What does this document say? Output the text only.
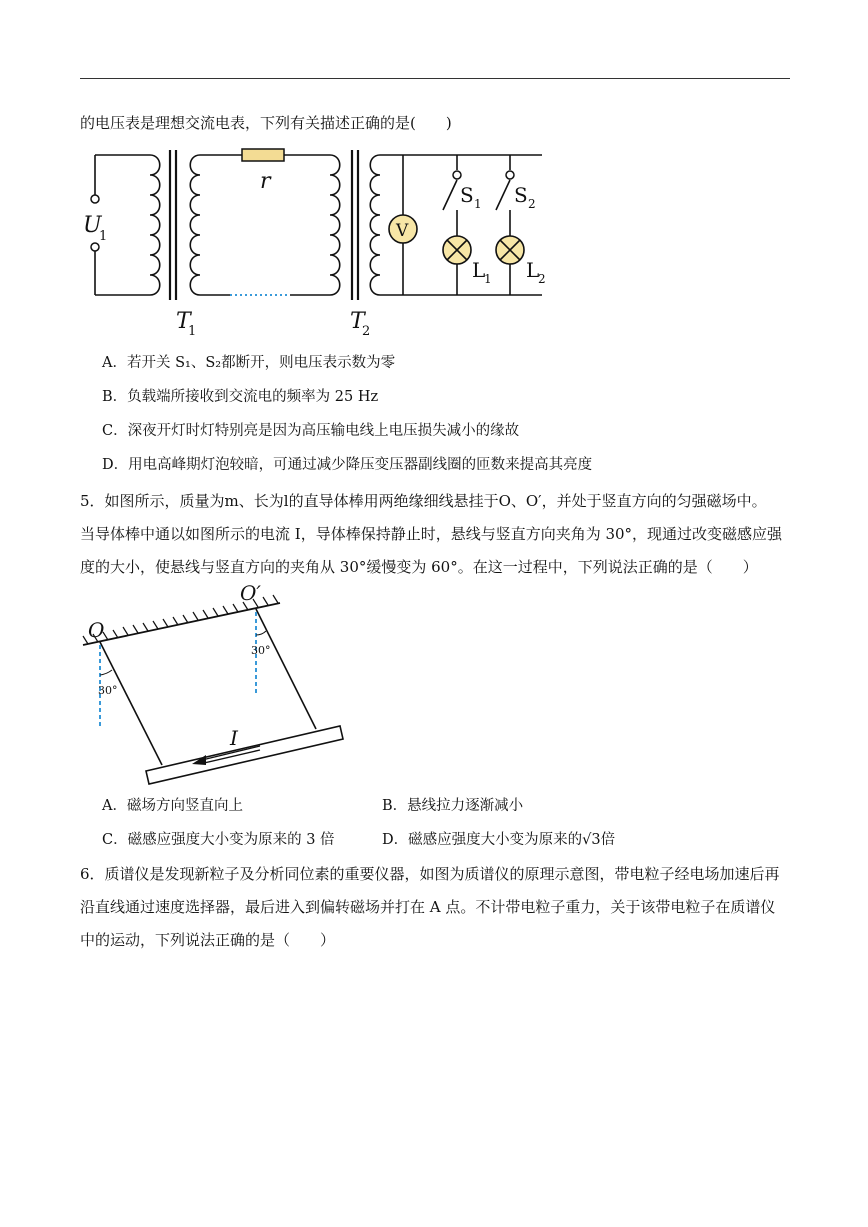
的电压表是理想交流电表，下列有关描述正确的是(　　)
r
U
1
T
1	T
2
V
S 1 S 2
L
1 L
2
A．若开关 S₁、S₂都断开，则电压表示数为零
B．负载端所接收到交流电的频率为 25 Hz
C．深夜开灯时灯特别亮是因为高压输电线上电压损失减小的缘故
D．用电高峰期灯泡较暗，可通过减少降压变压器副线圈的匝数来提高其亮度
5．如图所示，质量为m、长为l的直导体棒用两绝缘细线悬挂于O、O′，并处于竖直方向的匀强磁场中。
当导体棒中通以如图所示的电流 I，导体棒保持静止时，悬线与竖直方向夹角为 30°，现通过改变磁感应强
度的大小，使悬线与竖直方向的夹角从 30°缓慢变为 60°。在这一过程中，下列说法正确的是（　　）
O
O′
30°
30°
I
A．磁场方向竖直向上	B．悬线拉力逐渐减小
C．磁感应强度大小变为原来的 3 倍	D．磁感应强度大小变为原来的√3倍
6．质谱仪是发现新粒子及分析同位素的重要仪器，如图为质谱仪的原理示意图，带电粒子经电场加速后再
沿直线通过速度选择器，最后进入到偏转磁场并打在 A 点。不计带电粒子重力，关于该带电粒子在质谱仪
中的运动，下列说法正确的是（　　）
